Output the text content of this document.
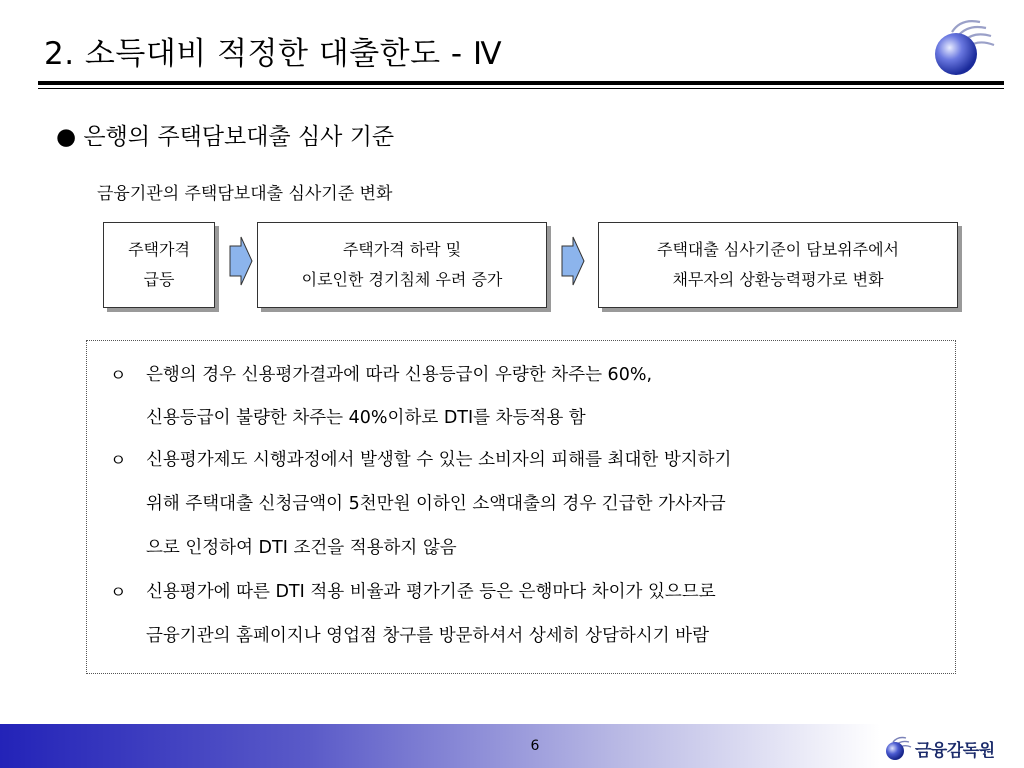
2. 소득대비 적정한 대출한도 - Ⅳ
● 은행의 주택담보대출 심사 기준
금융기관의 주택담보대출 심사기준 변화
주택가격
급등
주택가격 하락 및
이로인한 경기침체 우려 증가
주택대출 심사기준이 담보위주에서
채무자의 상환능력평가로 변화
ㅇ
ㅇ
ㅇ
은행의 경우 신용평가결과에 따라 신용등급이 우량한 차주는 60%,
신용등급이 불량한 차주는 40%이하로 DTI를 차등적용 함
신용평가제도 시행과정에서 발생할 수 있는 소비자의 피해를 최대한 방지하기
위해 주택대출 신청금액이 5천만원 이하인 소액대출의 경우 긴급한 가사자금
으로 인정하여 DTI 조건을 적용하지 않음
신용평가에 따른 DTI 적용 비율과 평가기준 등은 은행마다 차이가 있으므로
금융기관의 홈페이지나 영업점 창구를 방문하셔서 상세히 상담하시기 바람
6	금융감독원
